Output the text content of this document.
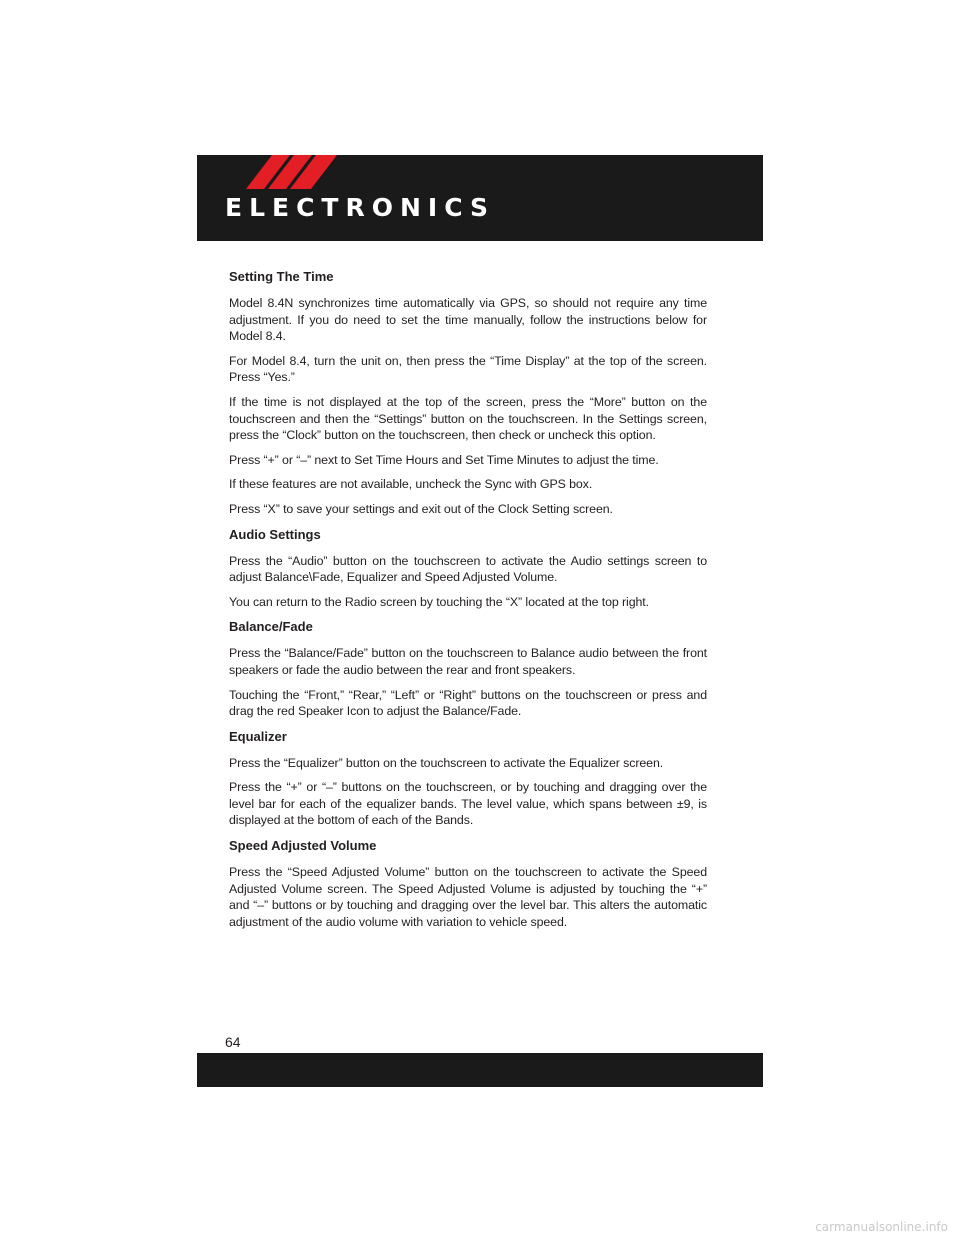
ELECTRONICS
Setting The Time

Model 8.4N synchronizes time automatically via GPS, so should not require any time adjustment. If you do need to set the time manually, follow the instructions below for Model 8.4.

For Model 8.4, turn the unit on, then press the “Time Display” at the top of the screen. Press “Yes.”

If the time is not displayed at the top of the screen, press the “More” button on the touchscreen and then the “Settings” button on the touchscreen. In the Settings screen, press the “Clock” button on the touchscreen, then check or uncheck this option.

Press “+” or “–” next to Set Time Hours and Set Time Minutes to adjust the time.

If these features are not available, uncheck the Sync with GPS box.

Press “X” to save your settings and exit out of the Clock Setting screen.

Audio Settings

Press the “Audio” button on the touchscreen to activate the Audio settings screen to adjust Balance\Fade, Equalizer and Speed Adjusted Volume.

You can return to the Radio screen by touching the “X” located at the top right.

Balance/Fade

Press the “Balance/Fade” button on the touchscreen to Balance audio between the front speakers or fade the audio between the rear and front speakers.

Touching the “Front,” “Rear,” “Left” or “Right” buttons on the touchscreen or press and drag the red Speaker Icon to adjust the Balance/Fade.

Equalizer

Press the “Equalizer” button on the touchscreen to activate the Equalizer screen.

Press the “+” or “–” buttons on the touchscreen, or by touching and dragging over the level bar for each of the equalizer bands. The level value, which spans between ±9, is displayed at the bottom of each of the Bands.

Speed Adjusted Volume

Press the “Speed Adjusted Volume” button on the touchscreen to activate the Speed Adjusted Volume screen. The Speed Adjusted Volume is adjusted by touching the “+” and “–” buttons or by touching and dragging over the level bar. This alters the automatic adjustment of the audio volume with variation to vehicle speed.

64
carmanualsonline.info
